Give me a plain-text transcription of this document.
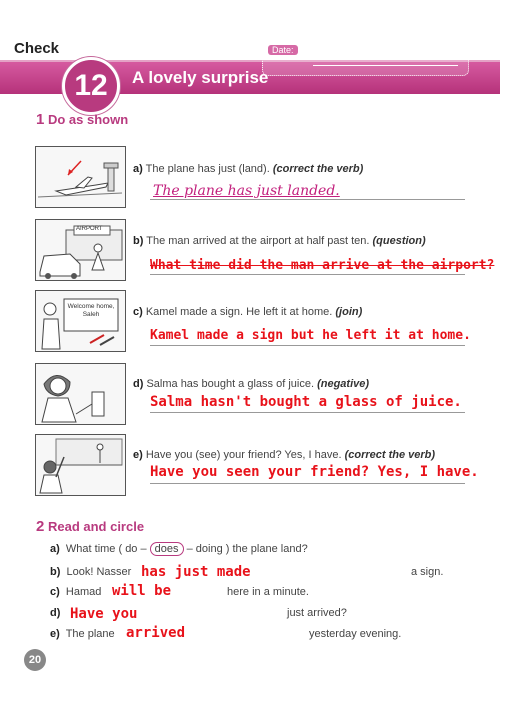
Check	Date:
12	A lovely surprise
1 Do as shown
AIRPORT
Welcome home, Saleh
a) The plane has just (land). (correct the verb)
The plane has just landed.
b) The man arrived at the airport at half past ten. (question)
What time did the man arrive at the airport?
c) Kamel made a sign. He left it at home. (join)
Kamel made a sign but he left it at home.
d) Salma has bought a glass of juice. (negative)
Salma hasn't bought a glass of juice.
e) Have you (see) your friend? Yes, I have. (correct the verb)
Have you seen your friend? Yes, I have.
2 Read and circle
a) What time ( do – does – doing ) the plane land?
b) Look! Nasser has just made	a sign.
c) Hamad will be	here in a minute.
d) Have you	just arrived?
e) The plane arrived	yesterday evening.
20
